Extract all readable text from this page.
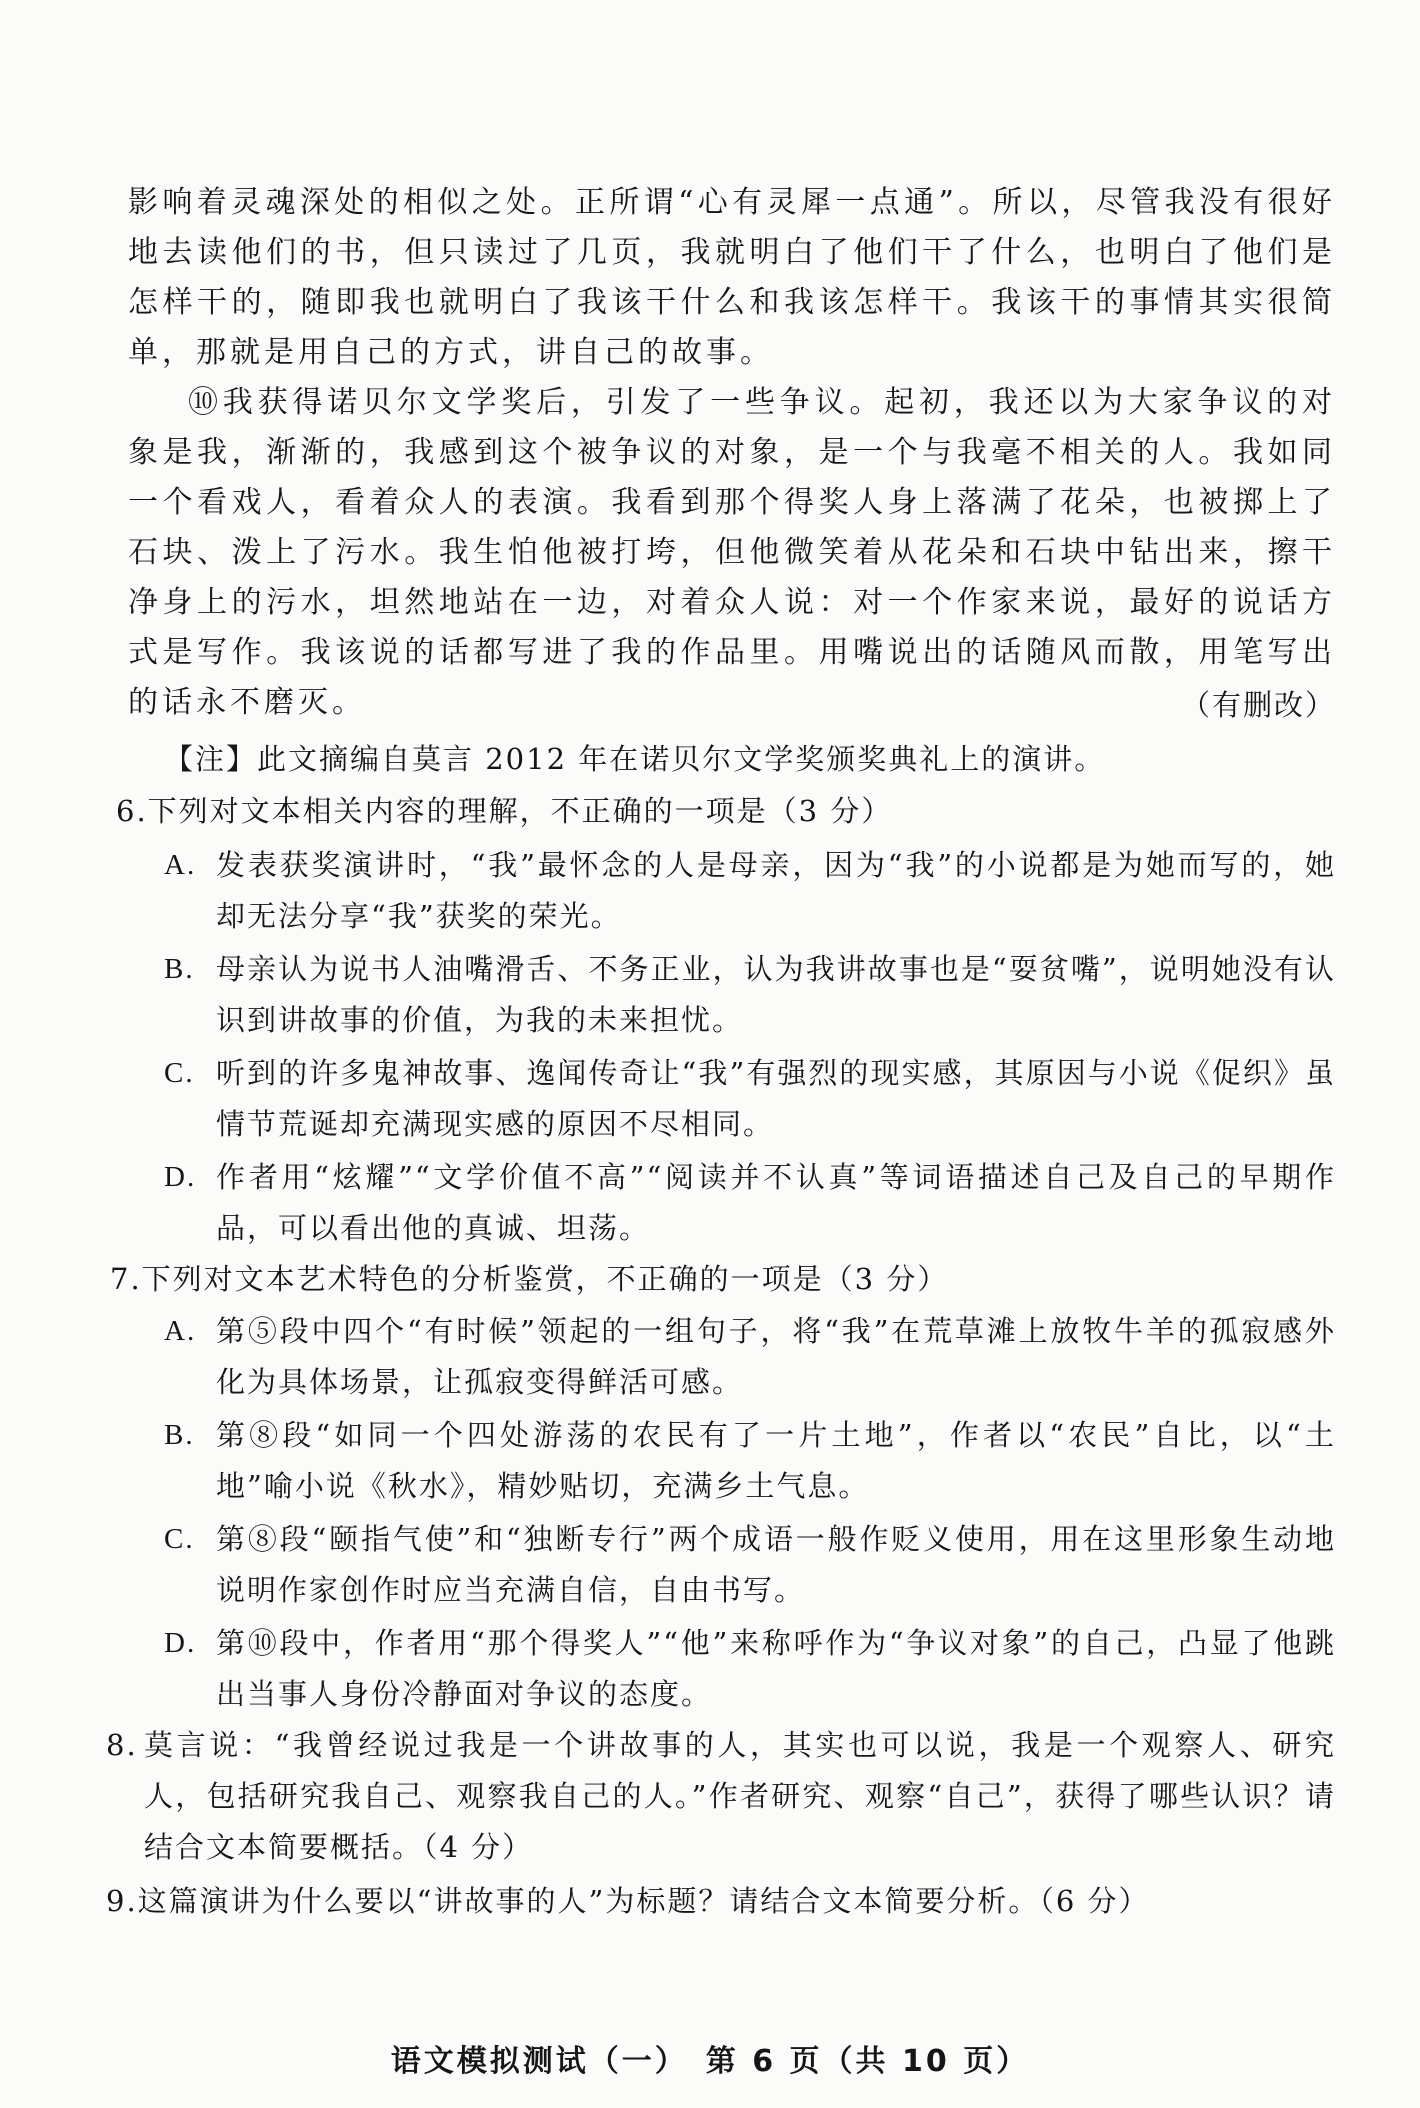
影响着灵魂深处的相似之处。正所谓“心有灵犀一点通”。所以，尽管我没有很好地去读他们的书，但只读过了几页，我就明白了他们干了什么，也明白了他们是怎样干的，随即我也就明白了我该干什么和我该怎样干。我该干的事情其实很简单，那就是用自己的方式，讲自己的故事。

⑩我获得诺贝尔文学奖后，引发了一些争议。起初，我还以为大家争议的对象是我，渐渐的，我感到这个被争议的对象，是一个与我毫不相关的人。我如同一个看戏人，看着众人的表演。我看到那个得奖人身上落满了花朵，也被掷上了石块、泼上了污水。我生怕他被打垮，但他微笑着从花朵和石块中钻出来，擦干净身上的污水，坦然地站在一边，对着众人说：对一个作家来说，最好的说话方式是写作。我该说的话都写进了我的作品里。用嘴说出的话随风而散，用笔写出的话永不磨灭。	（有删改）

【注】此文摘编自莫言 2012 年在诺贝尔文学奖颁奖典礼上的演讲。

6.下列对文本相关内容的理解，不正确的一项是（3 分）
A. 发表获奖演讲时，“我”最怀念的人是母亲，因为“我”的小说都是为她而写的，她却无法分享“我”获奖的荣光。
B. 母亲认为说书人油嘴滑舌、不务正业，认为我讲故事也是“耍贫嘴”，说明她没有认识到讲故事的价值，为我的未来担忧。
C. 听到的许多鬼神故事、逸闻传奇让“我”有强烈的现实感，其原因与小说《促织》虽情节荒诞却充满现实感的原因不尽相同。
D. 作者用“炫耀”“文学价值不高”“阅读并不认真”等词语描述自己及自己的早期作品，可以看出他的真诚、坦荡。
7.下列对文本艺术特色的分析鉴赏，不正确的一项是（3 分）
A. 第⑤段中四个“有时候”领起的一组句子，将“我”在荒草滩上放牧牛羊的孤寂感外化为具体场景，让孤寂变得鲜活可感。
B. 第⑧段“如同一个四处游荡的农民有了一片土地”，作者以“农民”自比，以“土地”喻小说《秋水》，精妙贴切，充满乡土气息。
C. 第⑧段“颐指气使”和“独断专行”两个成语一般作贬义使用，用在这里形象生动地说明作家创作时应当充满自信，自由书写。
D. 第⑩段中，作者用“那个得奖人”“他”来称呼作为“争议对象”的自己，凸显了他跳出当事人身份冷静面对争议的态度。
8. 莫言说：“我曾经说过我是一个讲故事的人，其实也可以说，我是一个观察人、研究人，包括研究我自己、观察我自己的人。”作者研究、观察“自己”，获得了哪些认识？请结合文本简要概括。（4 分）
9.这篇演讲为什么要以“讲故事的人”为标题？请结合文本简要分析。（6 分）
语文模拟测试（一）　第 6 页（共 10 页）
